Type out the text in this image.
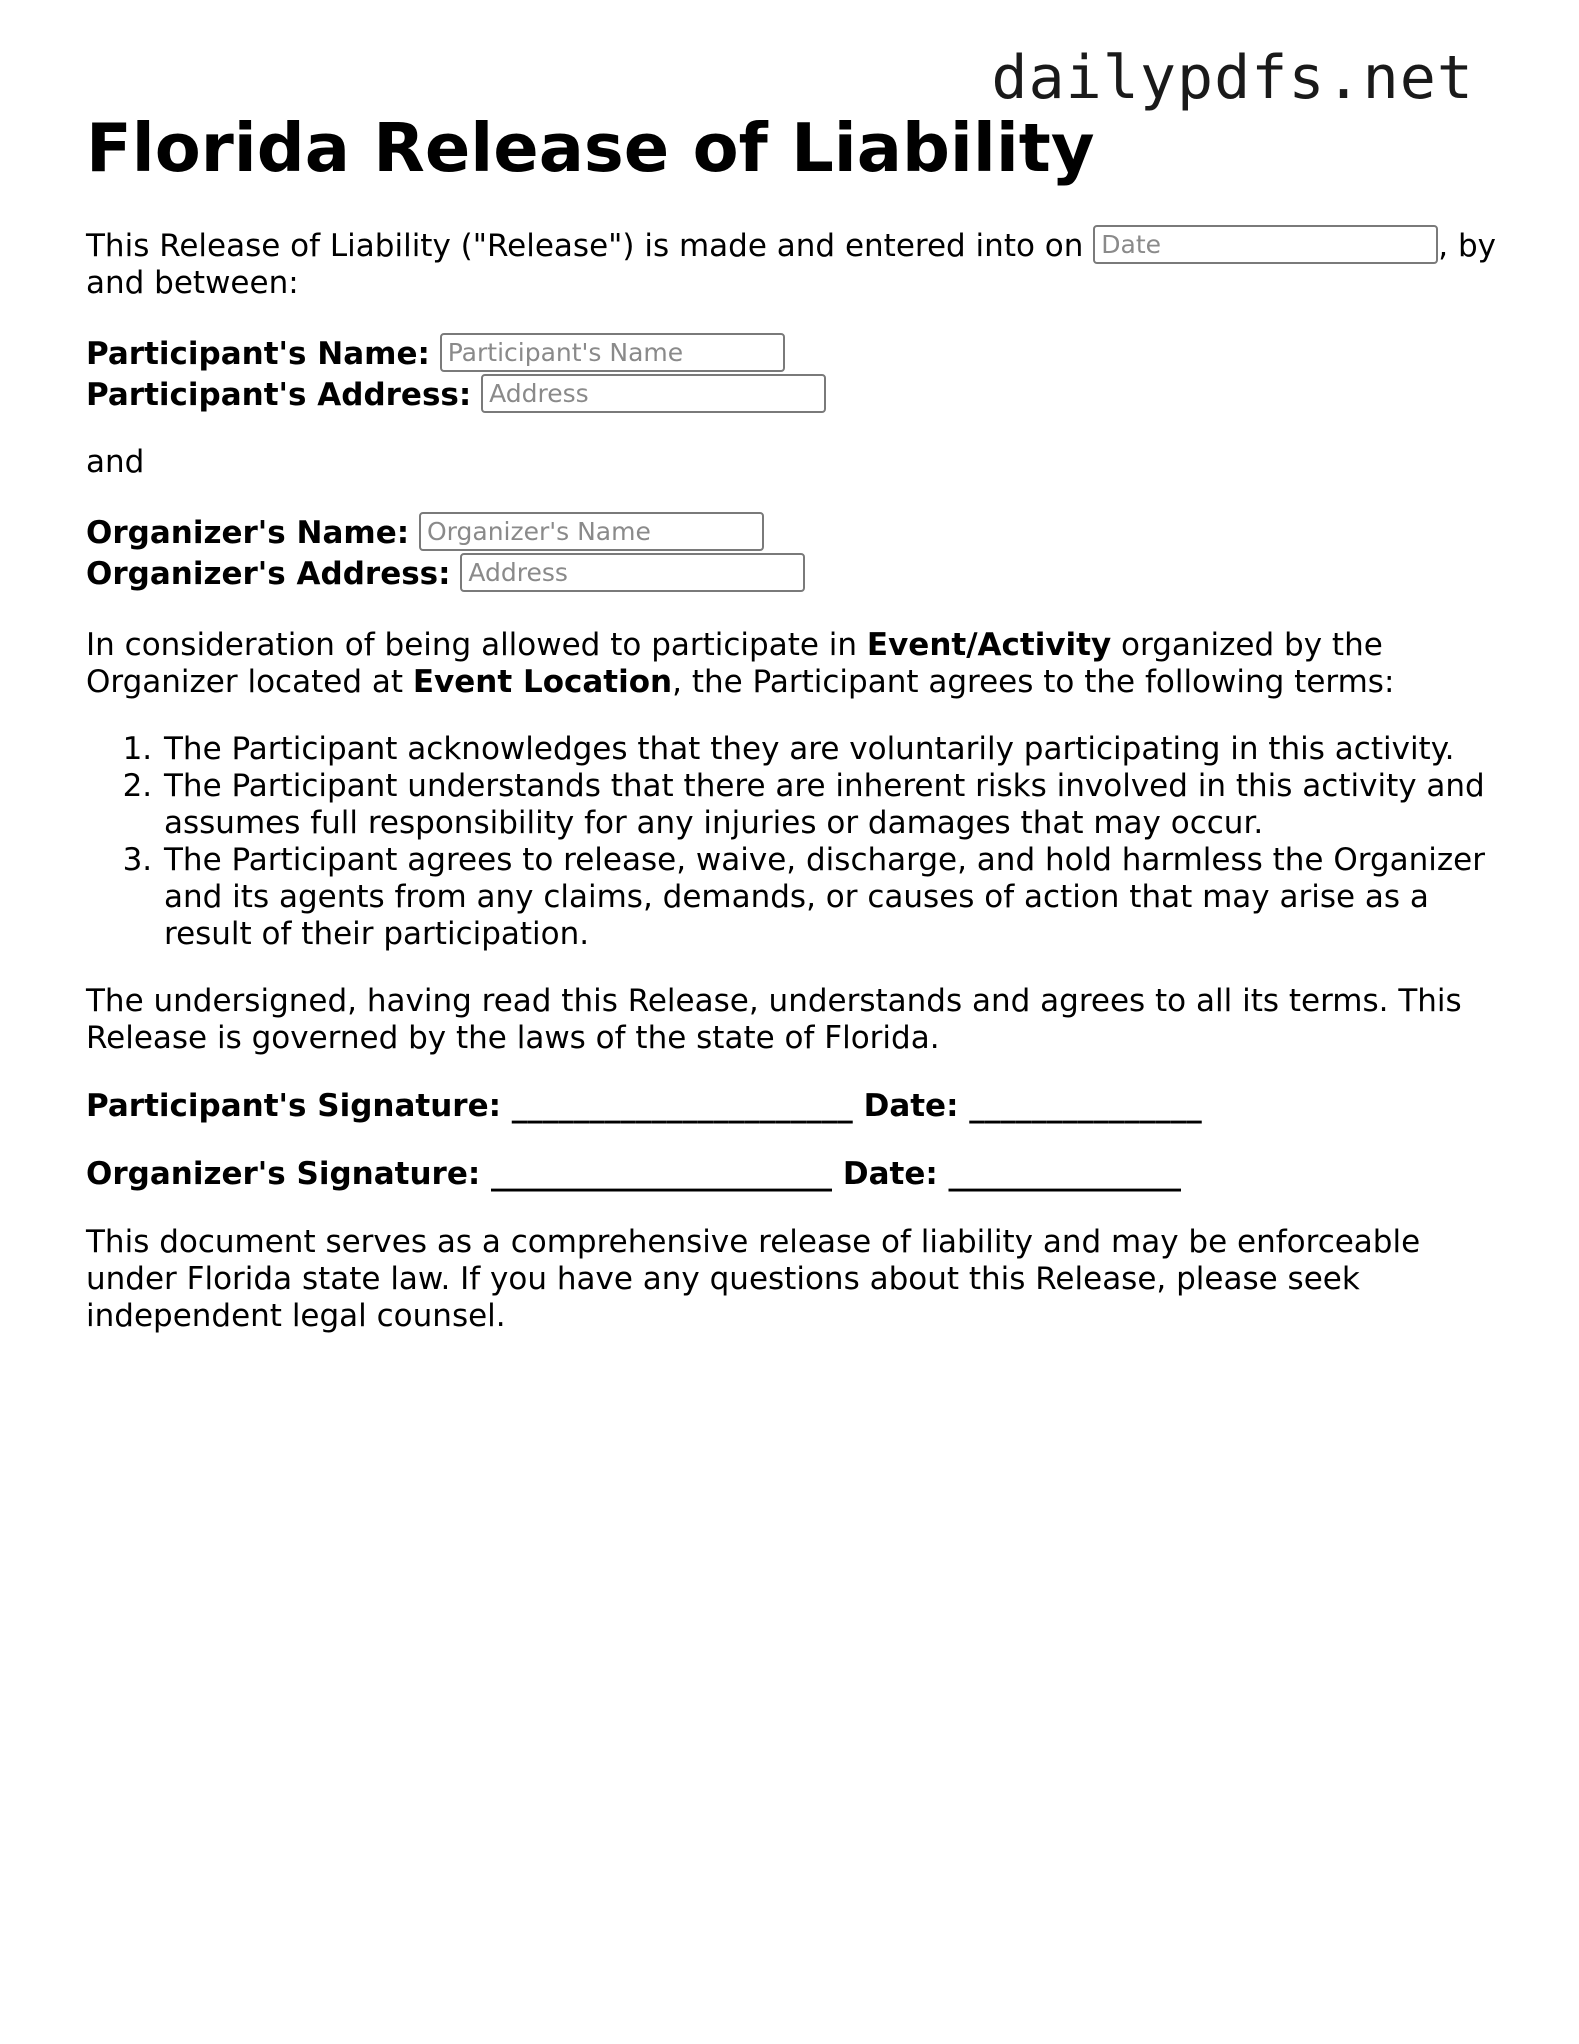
dailypdfs.net
Florida Release of Liability

This Release of Liability ("Release") is made and entered into on Date	, by and between:

Participant's Name: Participant's Name
Participant's Address: Address

and

Organizer's Name: Organizer's Name
Organizer's Address: Address

In consideration of being allowed to participate in Event/Activity organized by the Organizer located at Event Location, the Participant agrees to the following terms:

1. The Participant acknowledges that they are voluntarily participating in this activity.
2. The Participant understands that there are inherent risks involved in this activity and assumes full responsibility for any injuries or damages that may occur.
3. The Participant agrees to release, waive, discharge, and hold harmless the Organizer and its agents from any claims, demands, or causes of action that may arise as a result of their participation.

The undersigned, having read this Release, understands and agrees to all its terms. This Release is governed by the laws of the state of Florida.

Participant's Signature: ______________________ Date: _______________

Organizer's Signature: ______________________ Date: _______________

This document serves as a comprehensive release of liability and may be enforceable under Florida state law. If you have any questions about this Release, please seek independent legal counsel.
